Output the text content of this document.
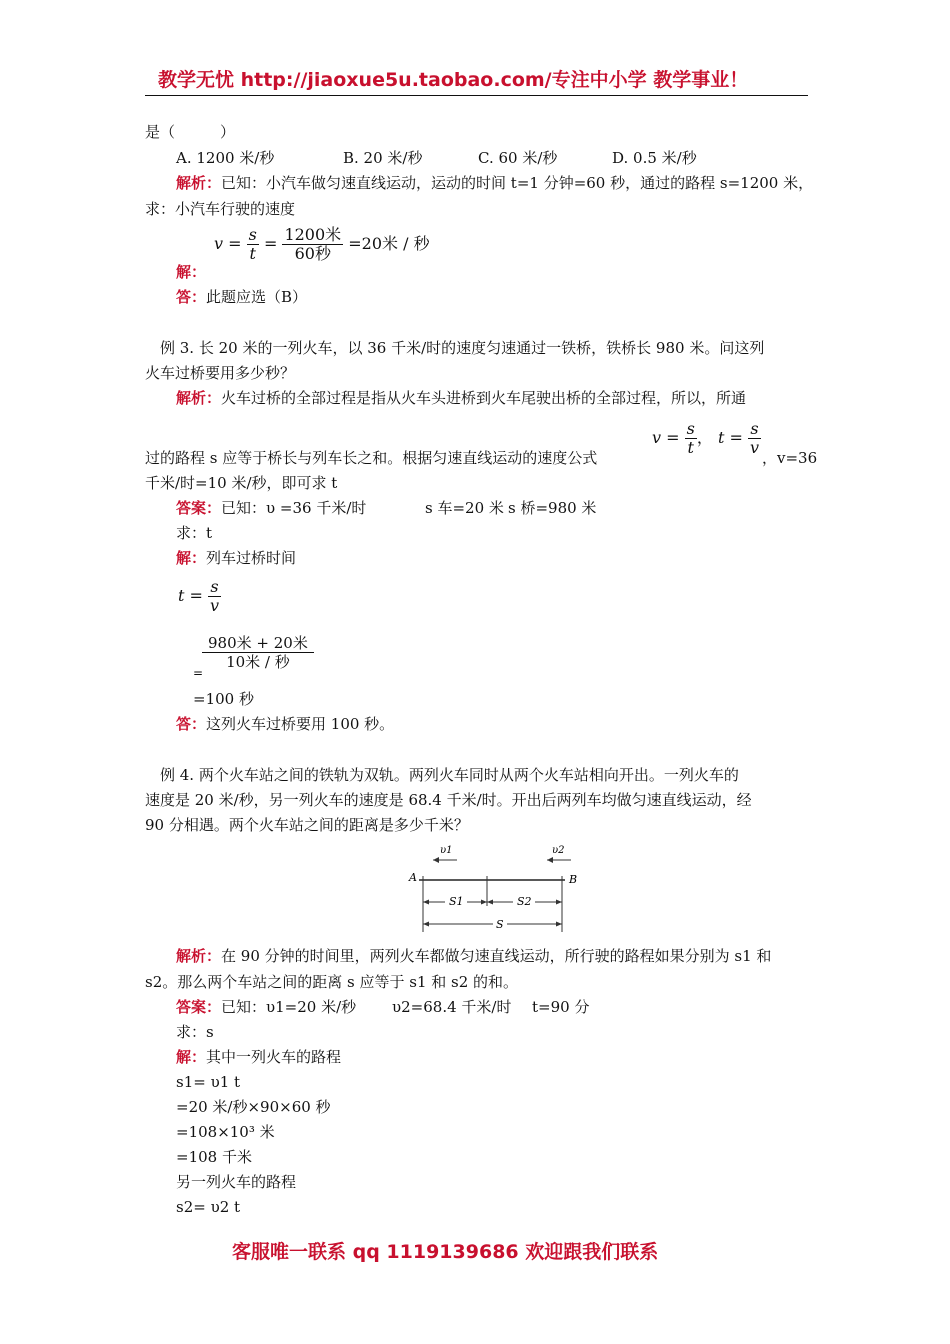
教学无忧 http://jiaoxue5u.taobao.com/专注中小学 教学事业！
是（　　　）
A. 1200 米/秒	B. 20 米/秒	C. 60 米/秒	D. 0.5 米/秒
解析：已知：小汽车做匀速直线运动，运动的时间 t=1 分钟=60 秒，通过的路程 s=1200 米，
求：小汽车行驶的速度
$v = \frac{s}{t} = \frac{\text{1200米}}{\text{60秒}} =20$米 / 秒
解：
答：此题应选（B）
例 3. 长 20 米的一列火车，以 36 千米/时的速度匀速通过一铁桥，铁桥长 980 米。问这列
火车过桥要用多少秒？
解析：火车过桥的全部过程是指从火车头进桥到火车尾驶出桥的全部过程，所以，所通
过的路程 s 应等于桥长与列车长之和。根据匀速直线运动的速度公式
$v = \frac{s}{t}$ ， $t = \frac{s}{v}$
，v=36
千米/时=10 米/秒，即可求 t
答案：已知：υ =36 千米/时	s 车=20 米 s 桥=980 米
求：t
解：列车过桥时间
$t = \frac{s}{v}$
$\frac{\text{980米 + 20米}}{\text{10米 / 秒}}$
=
=100 秒
答：这列火车过桥要用 100 秒。
例 4. 两个火车站之间的铁轨为双轨。两列火车同时从两个火车站相向开出。一列火车的
速度是 20 米/秒，另一列火车的速度是 68.4 千米/时。开出后两列车均做匀速直线运动，经
90 分相遇。两个火车站之间的距离是多少千米？
υ1	υ2
A	B
S1	S2
S
解析：在 90 分钟的时间里，两列火车都做匀速直线运动，所行驶的路程如果分别为 s1 和
s2。那么两个车站之间的距离 s 应等于 s1 和 s2 的和。
答案：已知：υ1=20 米/秒 υ2=68.4 千米/时 t=90 分
求：s
解：其中一列火车的路程
s1= υ1 t
=20 米/秒×90×60 秒
=108×10³ 米
=108 千米
另一列火车的路程
s2= υ2 t
客服唯一联系 qq 1119139686 欢迎跟我们联系
